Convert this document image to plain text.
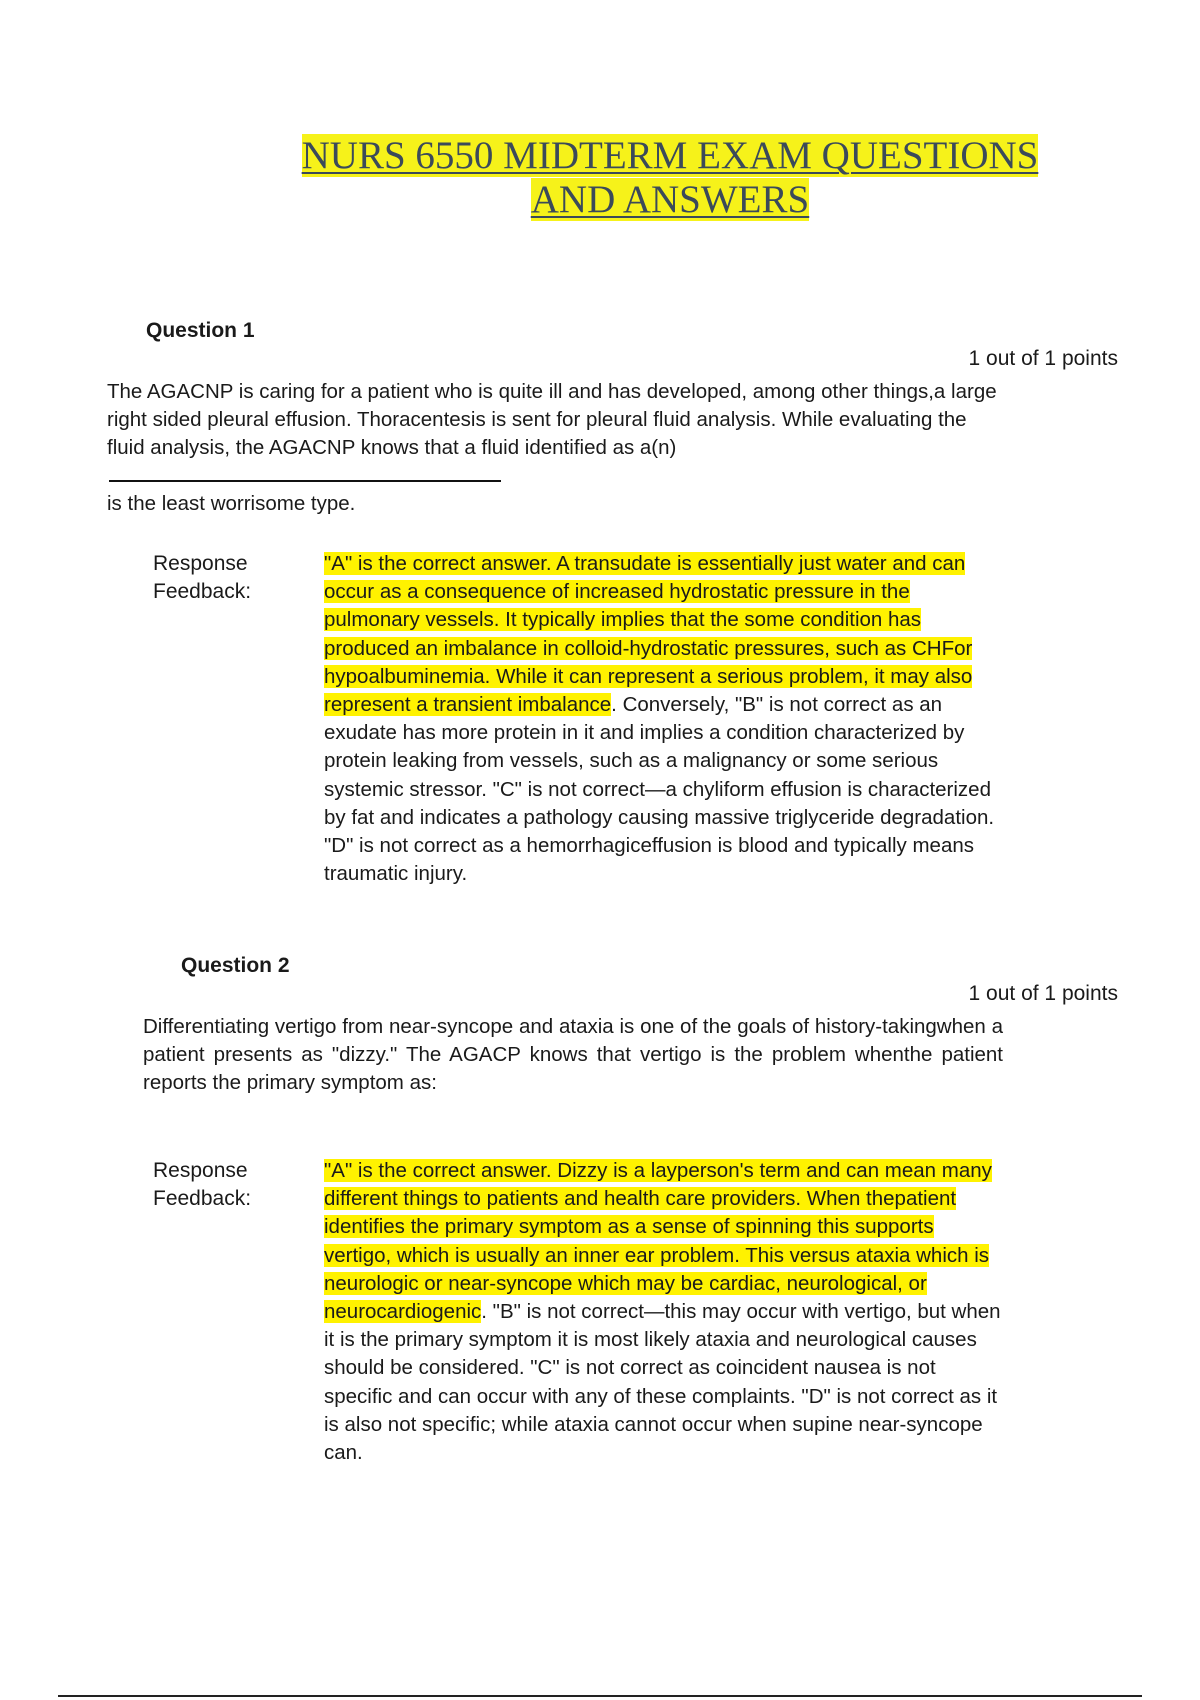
NURS 6550 MIDTERM EXAM QUESTIONS AND ANSWERS
Question 1
1 out of 1 points
The AGACNP is caring for a patient who is quite ill and has developed, among other things,a large right sided pleural effusion. Thoracentesis is sent for pleural fluid analysis. While evaluating the fluid analysis, the AGACNP knows that a fluid identified as a(n)
is the least worrisome type.
Response Feedback:
"A" is the correct answer. A transudate is essentially just water and can occur as a consequence of increased hydrostatic pressure in the pulmonary vessels. It typically implies that the some condition has produced an imbalance in colloid-hydrostatic pressures, such as CHFor hypoalbuminemia. While it can represent a serious problem, it may also represent a transient imbalance. Conversely, "B" is not correct as an exudate has more protein in it and implies a condition characterized by protein leaking from vessels, such as a malignancy or some serious systemic stressor. "C" is not correct—a chyliform effusion is characterized by fat and indicates a pathology causing massive triglyceride degradation. "D" is not correct as a hemorrhagiceffusion is blood and typically means traumatic injury.
Question 2
1 out of 1 points
Differentiating vertigo from near-syncope and ataxia is one of the goals of history-takingwhen a patient presents as "dizzy." The AGACP knows that vertigo is the problem whenthe patient reports the primary symptom as:
Response Feedback:
"A" is the correct answer. Dizzy is a layperson's term and can mean many different things to patients and health care providers. When thepatient identifies the primary symptom as a sense of spinning this supports vertigo, which is usually an inner ear problem. This versus ataxia which is neurologic or near-syncope which may be cardiac, neurological, or neurocardiogenic. "B" is not correct—this may occur with vertigo, but when it is the primary symptom it is most likely ataxia and neurological causes should be considered. "C" is not correct as coincident nausea is not specific and can occur with any of these complaints. "D" is not correct as it is also not specific; while ataxia cannot occur when supine near-syncope can.
